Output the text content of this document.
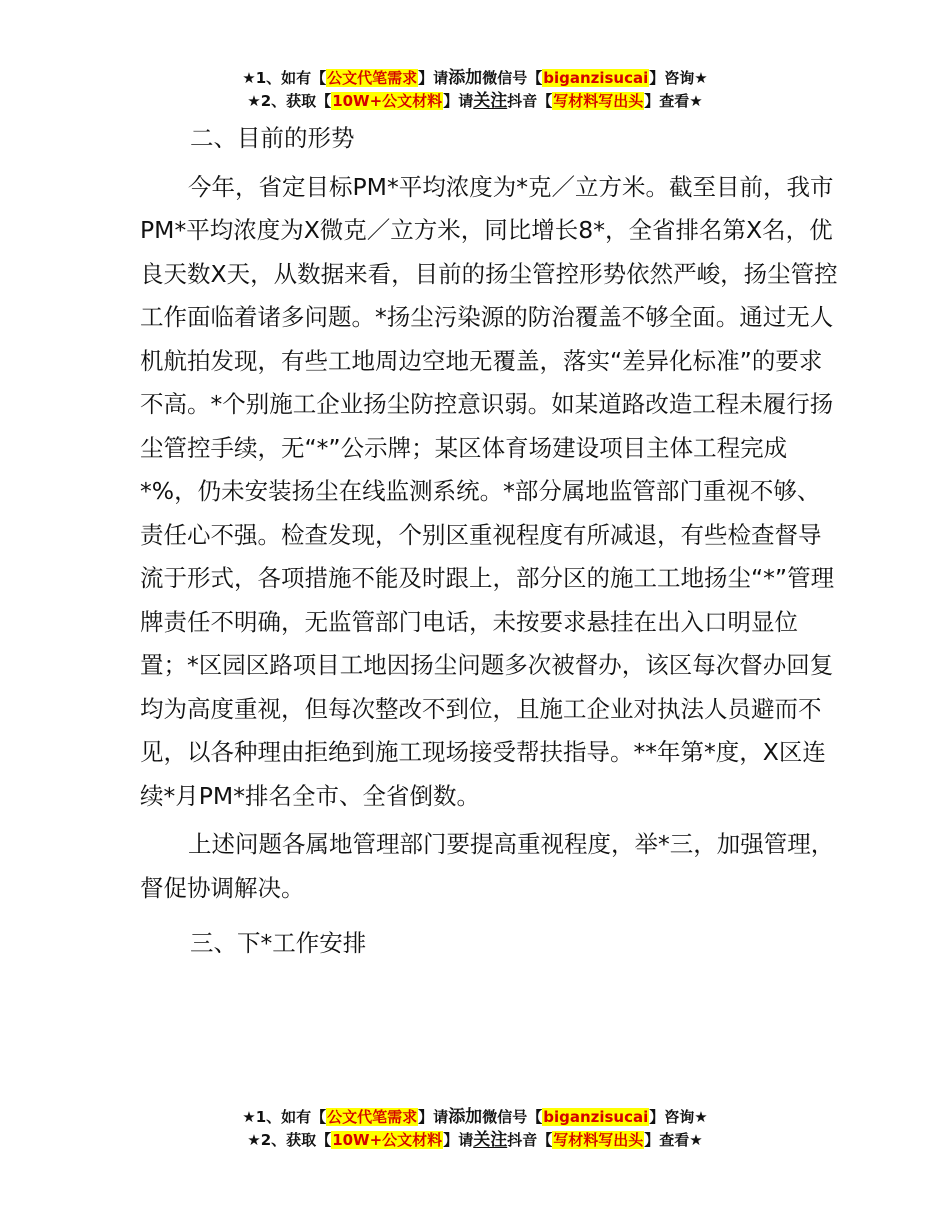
★1、如有【公文代笔需求】请添加微信号【biganzisucai】咨询★
★2、获取【10W+公文材料】请关注抖音【写材料写出头】查看★

二、目前的形势

今年，省定目标PM*平均浓度为*克／立方米。截至目前，我市PM*平均浓度为X微克／立方米，同比增长8*，全省排名第X名，优良天数X天，从数据来看，目前的扬尘管控形势依然严峻，扬尘管控工作面临着诸多问题。*扬尘污染源的防治覆盖不够全面。通过无人机航拍发现，有些工地周边空地无覆盖，落实“差异化标准”的要求不高。*个别施工企业扬尘防控意识弱。如某道路改造工程未履行扬尘管控手续，无“*”公示牌；某区体育场建设项目主体工程完成*%，仍未安装扬尘在线监测系统。*部分属地监管部门重视不够、责任心不强。检查发现，个别区重视程度有所减退，有些检查督导流于形式，各项措施不能及时跟上，部分区的施工工地扬尘“*”管理牌责任不明确，无监管部门电话，未按要求悬挂在出入口明显位置；*区园区路项目工地因扬尘问题多次被督办，该区每次督办回复均为高度重视，但每次整改不到位，且施工企业对执法人员避而不见，以各种理由拒绝到施工现场接受帮扶指导。**年第*度，X区连续*月PM*排名全市、全省倒数。

上述问题各属地管理部门要提高重视程度，举*三，加强管理，督促协调解决。

三、下*工作安排

★1、如有【公文代笔需求】请添加微信号【biganzisucai】咨询★
★2、获取【10W+公文材料】请关注抖音【写材料写出头】查看★
